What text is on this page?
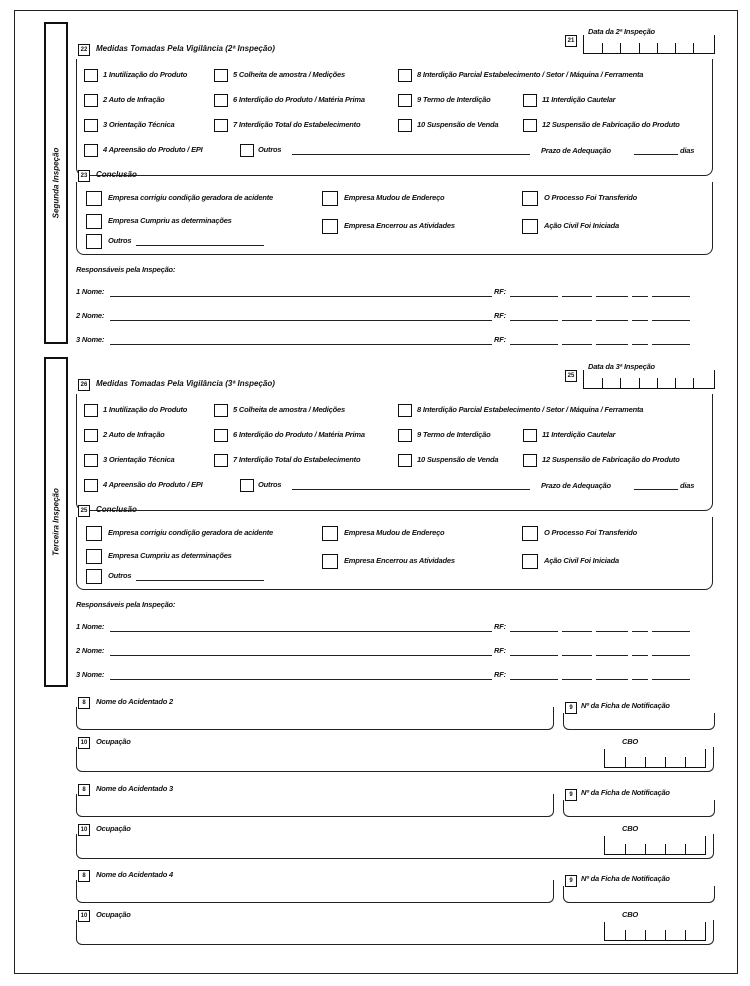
Segunda Inspeção
22	Medidas Tomadas Pela Vigilância (2ª Inspeção)
21
Data da 2ª Inspeção
1 Inutilização do Produto	5 Colheita de amostra / Medições	8 Interdição Parcial Estabelecimento / Setor / Máquina / Ferramenta
2 Auto de Infração	6 Interdição do Produto / Matéria Prima	9 Termo de Interdição	11 Interdição Cautelar
3 Orientação Técnica	7 Interdição Total do Estabelecimento	10 Suspensão de Venda	12 Suspensão de Fabricação do Produto
4 Apreensão do Produto / EPI	Outros	Prazo de Adequação	dias
23	Conclusão
Empresa corrigiu condição geradora de acidente	Empresa Mudou de Endereço	O Processo Foi Transferido
Empresa Cumpriu as determinações
Empresa Encerrou as Atividades	Ação Civil Foi Iniciada
Outros
Responsáveis pela Inspeção:
1 Nome:	RF:
2 Nome:	RF:
3 Nome:	RF:
Terceira Inspeção
26	Medidas Tomadas Pela Vigilância (3ª Inspeção)
25
Data da 3ª Inspeção
1 Inutilização do Produto	5 Colheita de amostra / Medições	8 Interdição Parcial Estabelecimento / Setor / Máquina / Ferramenta
2 Auto de Infração	6 Interdição do Produto / Matéria Prima	9 Termo de Interdição	11 Interdição Cautelar
3 Orientação Técnica	7 Interdição Total do Estabelecimento	10 Suspensão de Venda	12 Suspensão de Fabricação do Produto
4 Apreensão do Produto / EPI	Outros	Prazo de Adequação	dias
25	Conclusão
Empresa corrigiu condição geradora de acidente	Empresa Mudou de Endereço	O Processo Foi Transferido
Empresa Cumpriu as determinações
Empresa Encerrou as Atividades	Ação Civil Foi Iniciada
Outros
Responsáveis pela Inspeção:
1 Nome:	RF:
2 Nome:	RF:
3 Nome:	RF:
8	Nome do Acidentado 2
9	Nº da Ficha de Notificação
10	Ocupação	CBO
8	Nome do Acidentado 3
9	Nº da Ficha de Notificação
10	Ocupação	CBO
8	Nome do Acidentado 4
9	Nº da Ficha de Notificação
10	Ocupação	CBO
